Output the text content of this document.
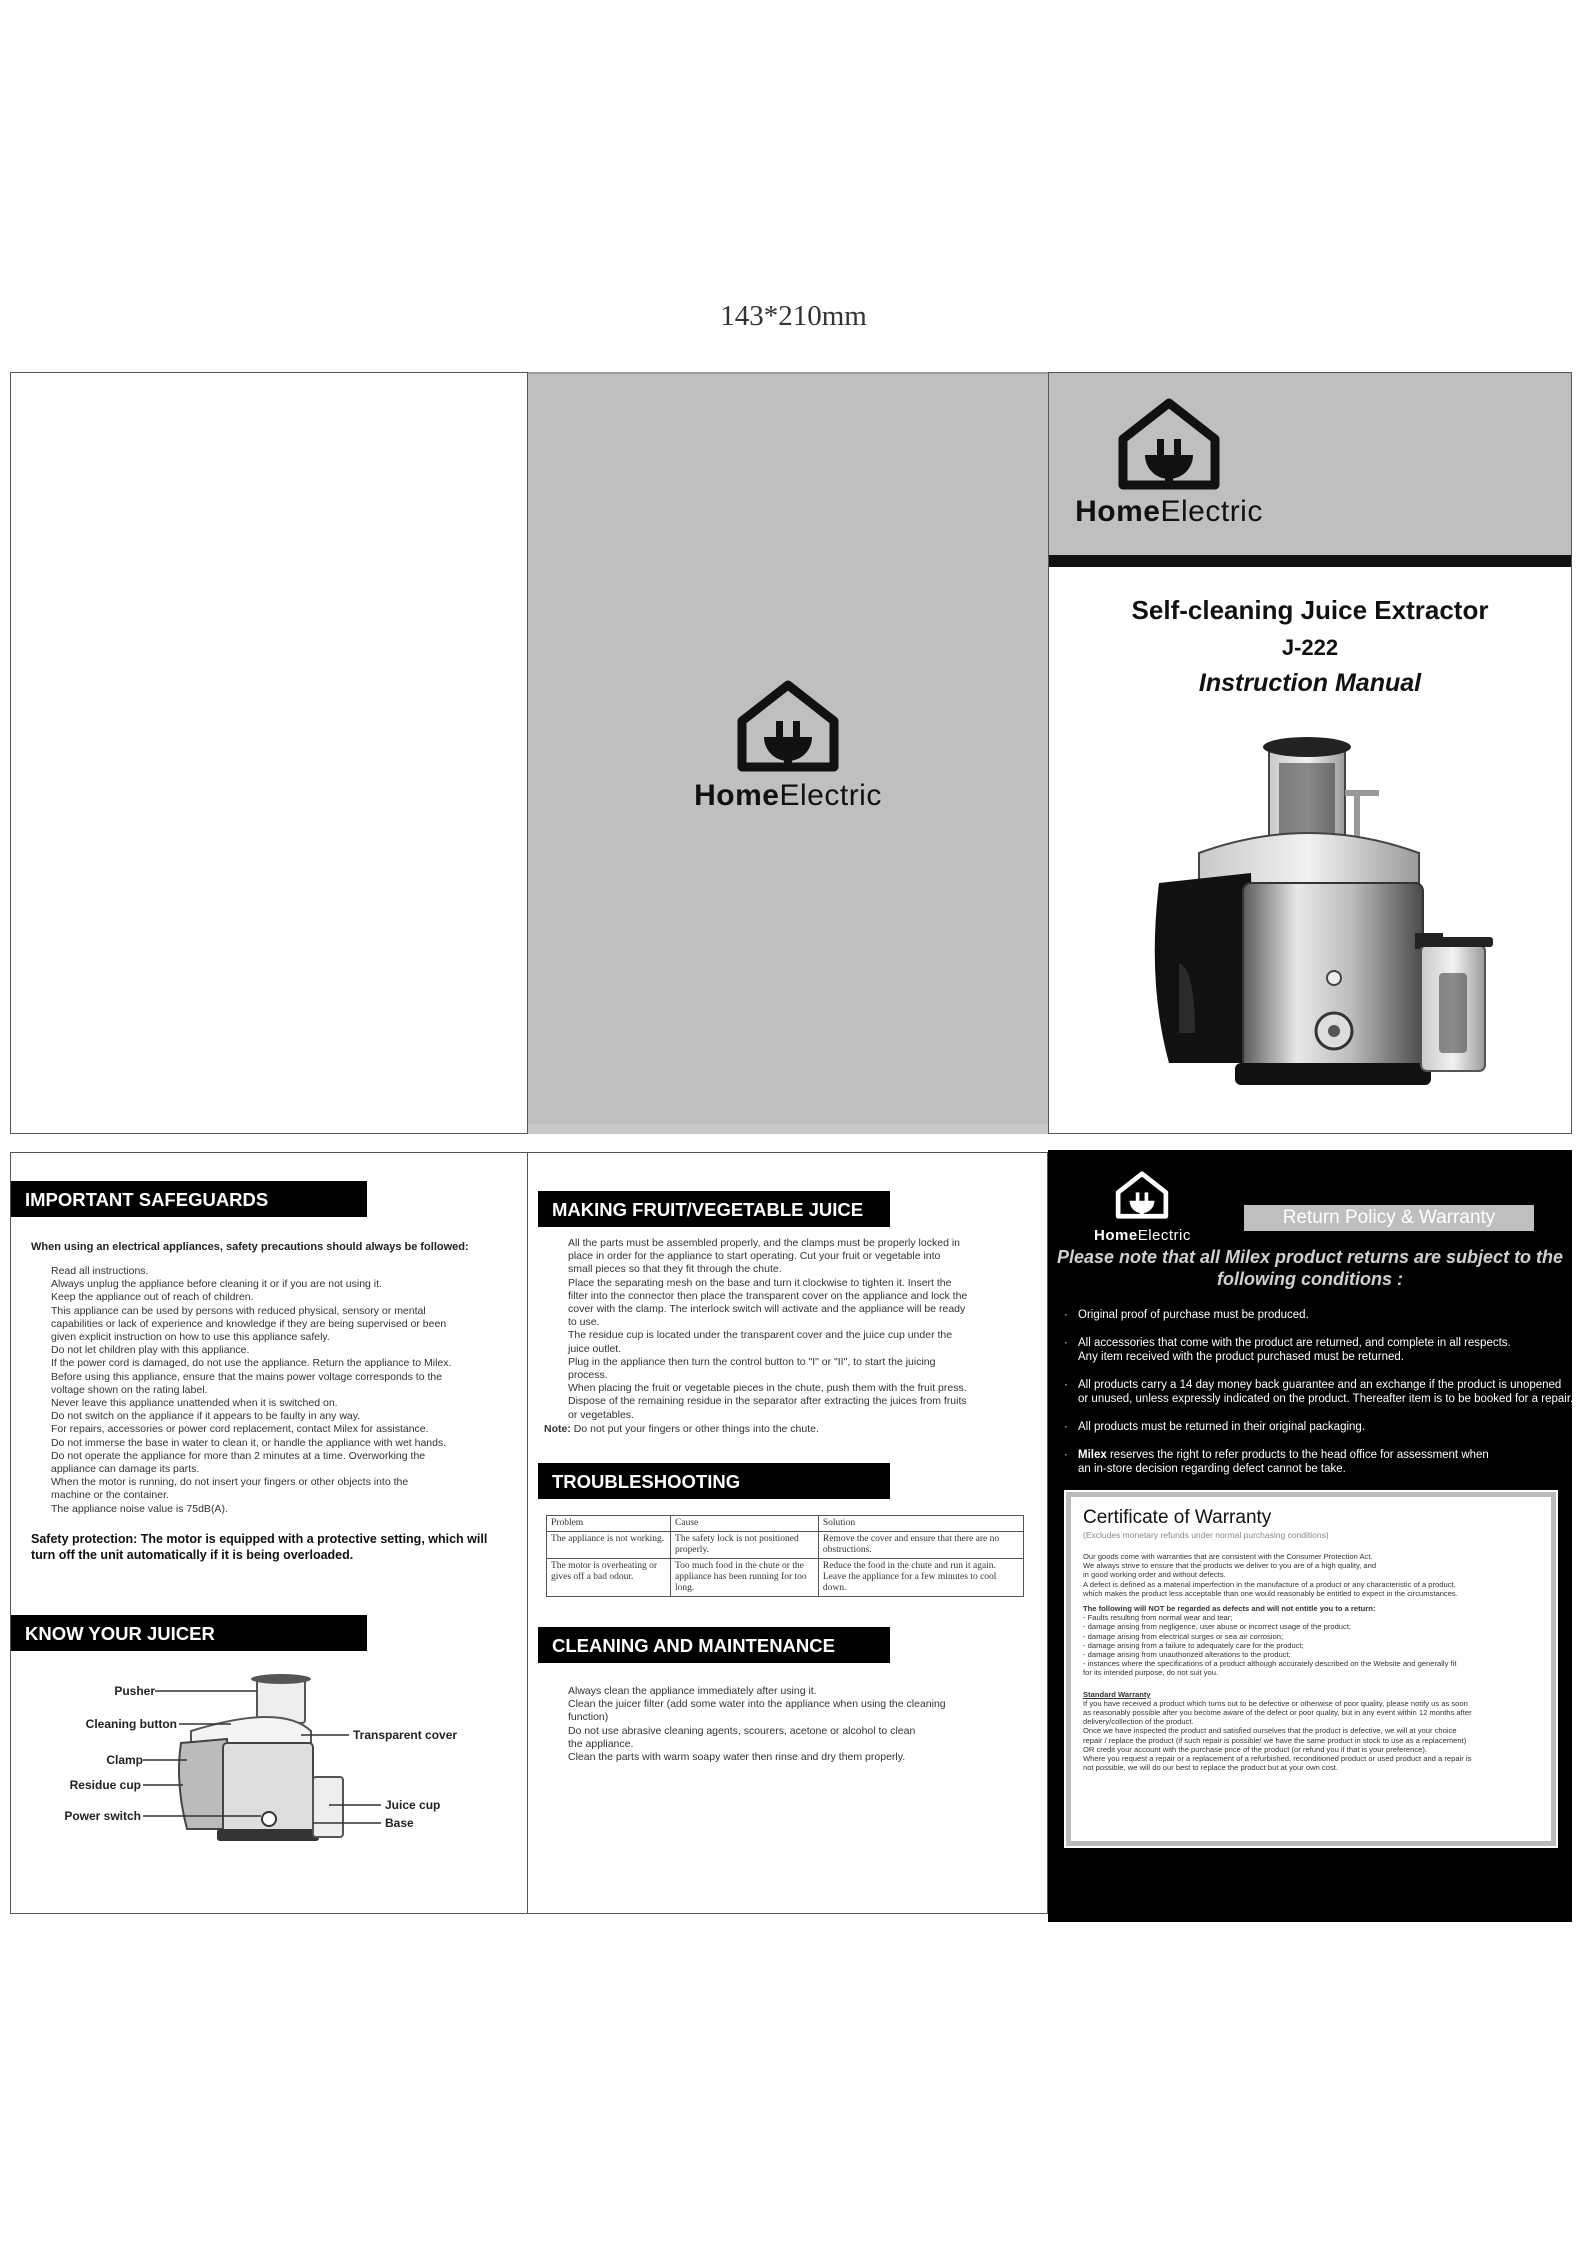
143*210mm
HomeElectric
HomeElectric
Self-cleaning Juice Extractor
J-222
Instruction Manual
IMPORTANT SAFEGUARDS
When using an electrical appliances, safety precautions should always be followed:
Read all instructions.
Always unplug the appliance before cleaning it or if you are not using it.
Keep the appliance out of reach of children.
This appliance can be used by persons with reduced physical, sensory or mental
capabilities or lack of experience and knowledge if they are being supervised or been
given explicit instruction on how to use this appliance safely.
Do not let children play with this appliance.
If the power cord is damaged, do not use the appliance. Return the appliance to Milex.
Before using this appliance, ensure that the mains power voltage corresponds to the
voltage shown on the rating label.
Never leave this appliance unattended when it is switched on.
Do not switch on the appliance if it appears to be faulty in any way.
For repairs, accessories or power cord replacement, contact Milex for assistance.
Do not immerse the base in water to clean it, or handle the appliance with wet hands.
Do not operate the appliance for more than 2 minutes at a time. Overworking the
appliance can damage its parts.
When the motor is running, do not insert your fingers or other objects into the
machine or the container.
The appliance noise value is 75dB(A).
Safety protection: The motor is equipped with a protective setting, which will turn off the unit automatically if it is being overloaded.
KNOW YOUR JUICER
Pusher
Cleaning button
Clamp
Residue cup
Power switch
Transparent cover
Juice cup
Base
MAKING FRUIT/VEGETABLE JUICE
All the parts must be assembled properly, and the clamps must be properly locked in
place in order for the appliance to start operating. Cut your fruit or vegetable into
small pieces so that they fit through the chute.
Place the separating mesh on the base and turn it clockwise to tighten it. Insert the
filter into the connector then place the transparent cover on the appliance and lock the
cover with the clamp. The interlock switch will activate and the appliance will be ready
to use.
The residue cup is located under the transparent cover and the juice cup under the
juice outlet.
Plug in the appliance then turn the control button to "I" or "II", to start the juicing
process.
When placing the fruit or vegetable pieces in the chute, push them with the fruit press.
Dispose of the remaining residue in the separator after extracting the juices from fruits
or vegetables.
Note: Do not put your fingers or other things into the chute.
TROUBLESHOOTING
Problem	Cause	Solution
The appliance is not working.	The safety lock is not positioned properly.	Remove the cover and ensure that there are no obstructions.
The motor is overheating or gives off a bad odour.	Too much food in the chute or the appliance has been running for too long.	Reduce the food in the chute and run it again. Leave the appliance for a few minutes to cool down.
CLEANING AND MAINTENANCE
Always clean the appliance immediately after using it.
Clean the juicer filter (add some water into the appliance when using the cleaning
function)
Do not use abrasive cleaning agents, scourers, acetone or alcohol to clean
the appliance.
Clean the parts with warm soapy water then rinse and dry them properly.
HomeElectric
Return Policy & Warranty
Please note that all Milex product returns are subject to the following conditions :
· Original proof of purchase must be produced.
· All accessories that come with the product are returned, and complete in all respects.
Any item received with the product purchased must be returned.
· All products carry a 14 day money back guarantee and an exchange if the product is unopened
or unused, unless expressly indicated on the product. Thereafter item is to be booked for a repair.
· All products must be returned in their original packaging.
· Milex reserves the right to refer products to the head office for assessment when
an in-store decision regarding defect cannot be take.
Certificate of Warranty
(Excludes monetary refunds under normal purchasing conditions)
Our goods come with warranties that are consistent with the Consumer Protection Act.
We always strive to ensure that the products we deliver to you are of a high quality, and
in good working order and without defects.
A defect is defined as a material imperfection in the manufacture of a product or any characteristic of a product,
which makes the product less acceptable than one would reasonably be entitled to expect in the circumstances.
The following will NOT be regarded as defects and will not entitle you to a return:
- Faults resulting from normal wear and tear;
- damage arising from negligence, user abuse or incorrect usage of the product;
- damage arising from electrical surges or sea air corrosion;
- damage arising from a failure to adequately care for the product;
- damage arising from unauthorized alterations to the product;
- instances where the specifications of a product although accurately described on the Website and generally fit
for its intended purpose, do not suit you.
Standard Warranty
If you have received a product which turns out to be defective or otherwise of poor quality, please notify us as soon
as reasonably possible after you become aware of the defect or poor quality, but in any event within 12 months after
delivery/collection of the product.
Once we have inspected the product and satisfied ourselves that the product is defective, we will at your choice
repair / replace the product (if such repair is possible/ we have the same product in stock to use as a replacement)
OR credit your account with the purchase price of the product (or refund you if that is your preference).
Where you request a repair or a replacement of a refurbished, reconditioned product or used product and a repair is
not possible, we will do our best to replace the product but at your own cost.
